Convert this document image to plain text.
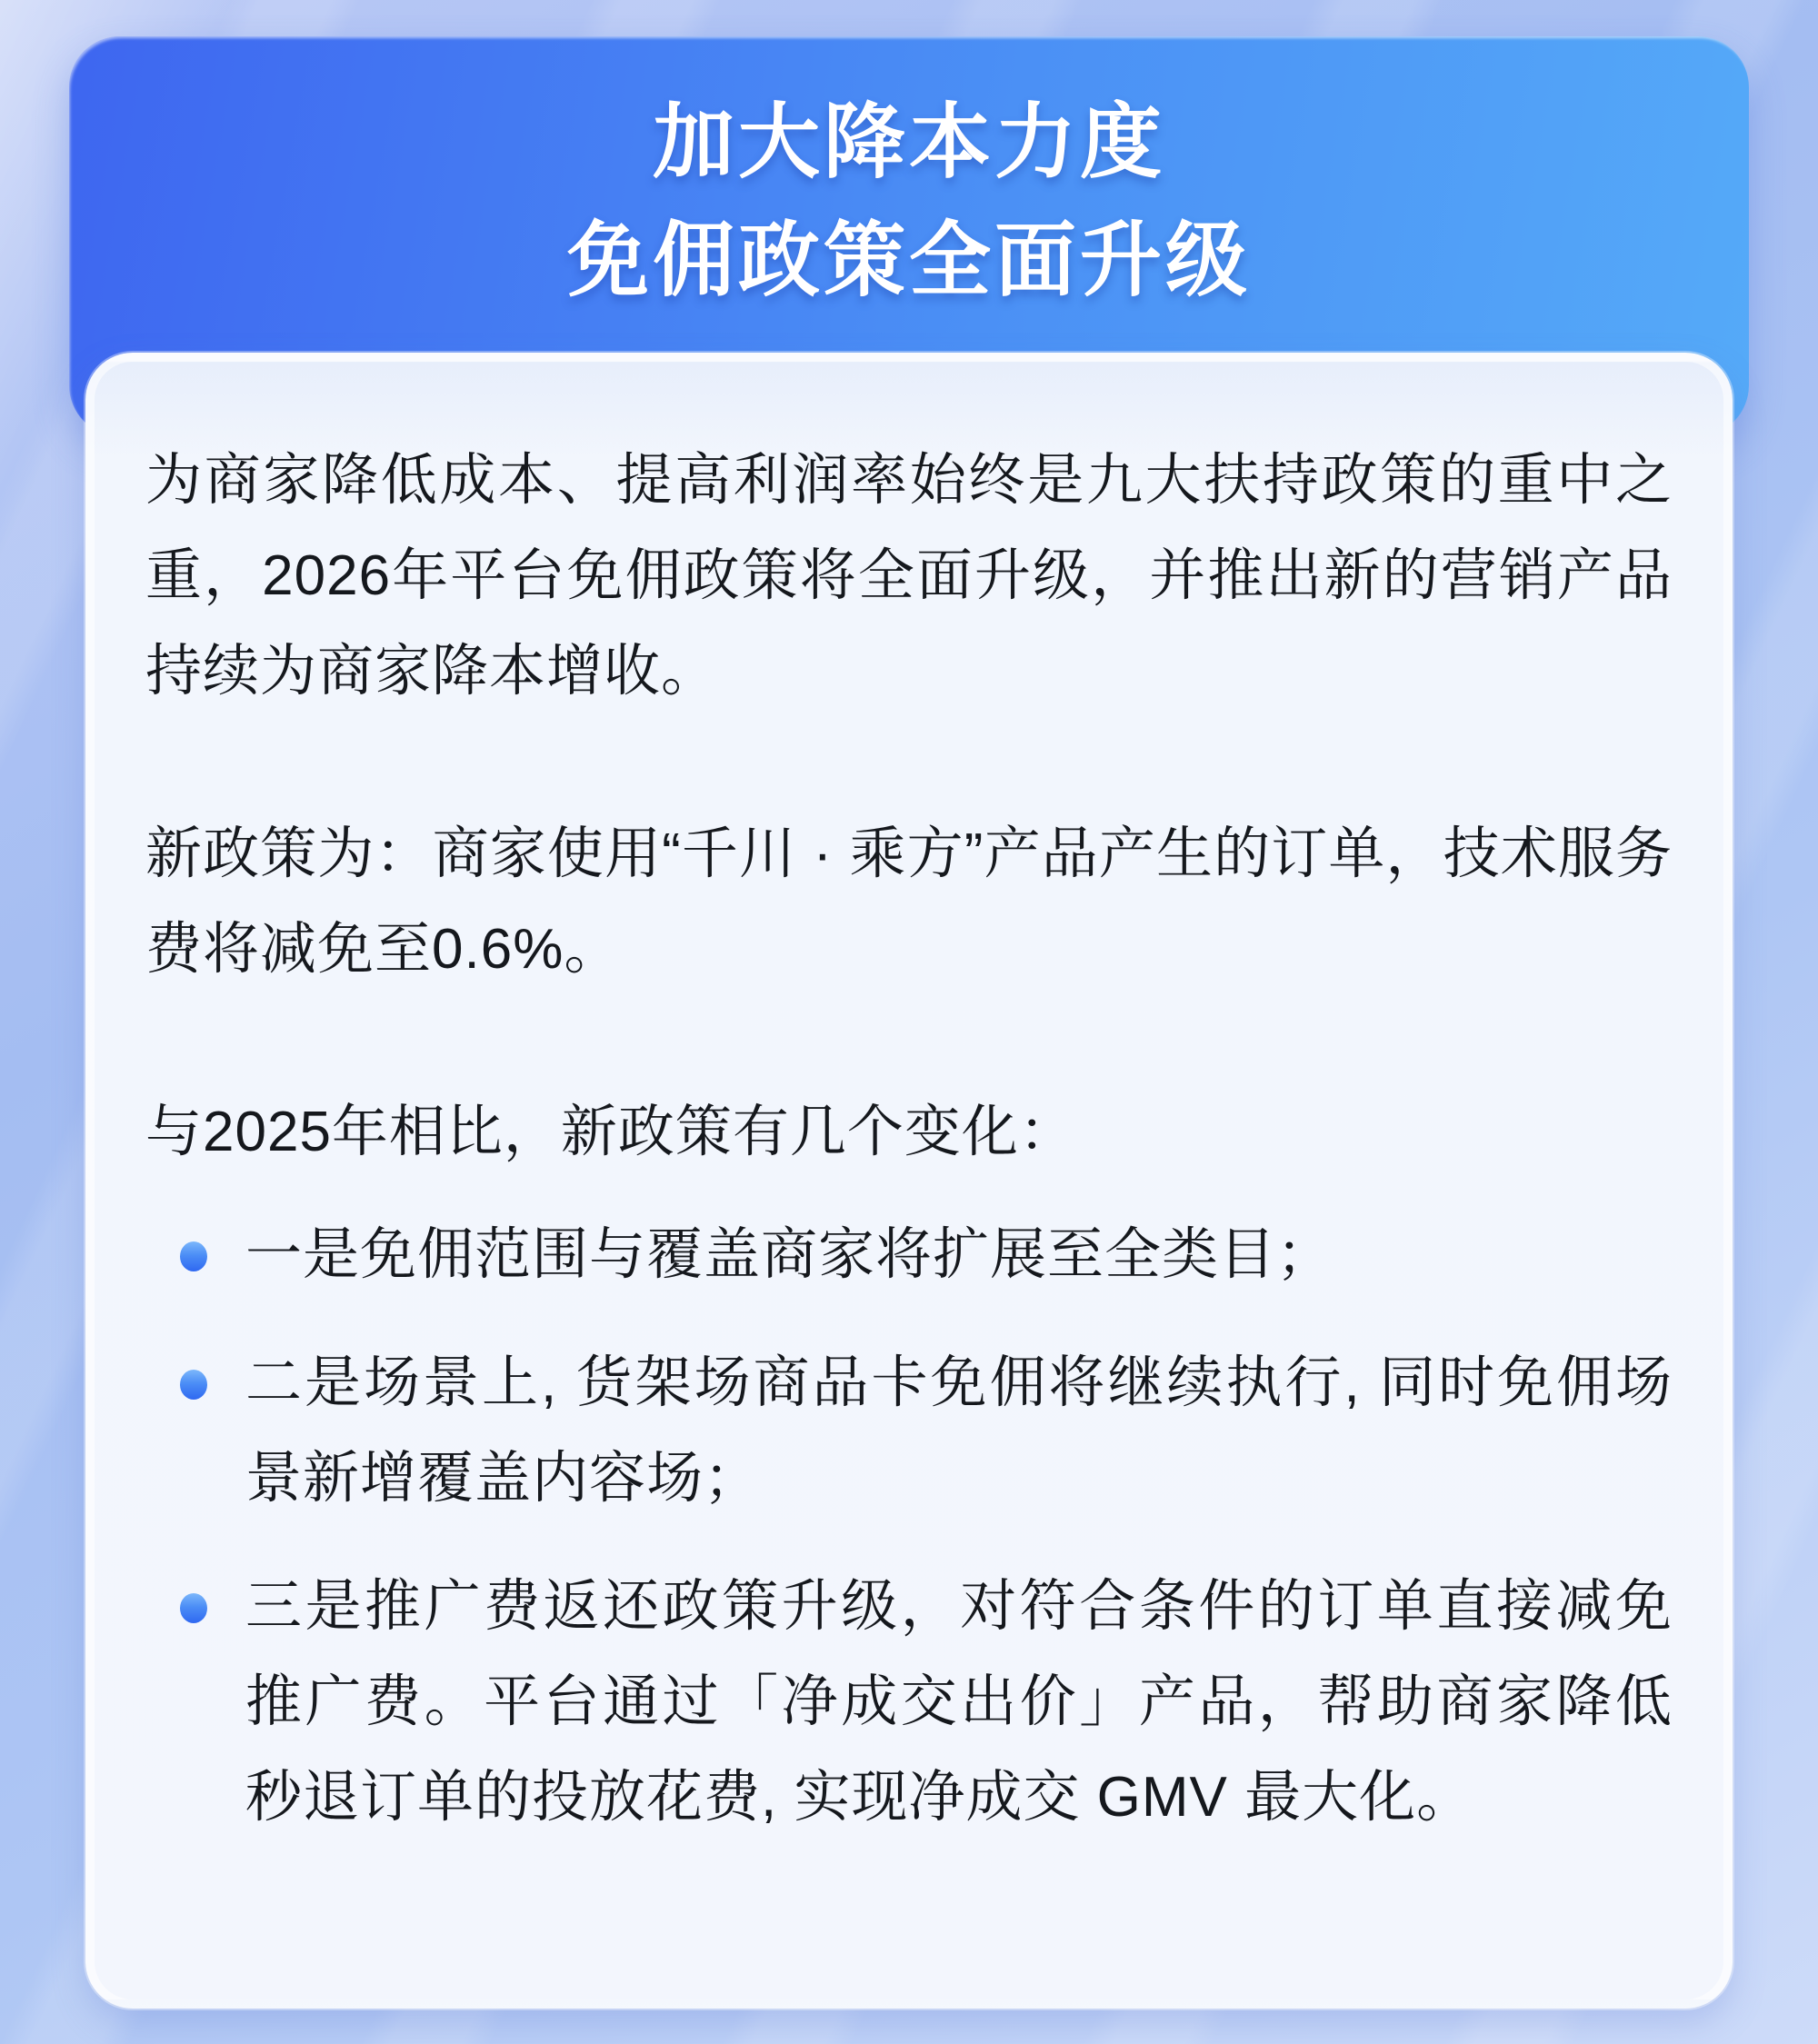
加大降本力度
免佣政策全面升级

为商家降低成本、提高利润率始终是九大扶持政策的重中之重，2026年平台免佣政策将全面升级，并推出新的营销产品持续为商家降本增收。

新政策为：商家使用“千川 · 乘方”产品产生的订单，技术服务费将减免至0.6%。

与2025年相比，新政策有几个变化：

一是免佣范围与覆盖商家将扩展至全类目；
二是场景上, 货架场商品卡免佣将继续执行, 同时免佣场景新增覆盖内容场；
三是推广费返还政策升级，对符合条件的订单直接减免推广费。平台通过「净成交出价」产品，帮助商家降低秒退订单的投放花费, 实现净成交 GMV 最大化。
